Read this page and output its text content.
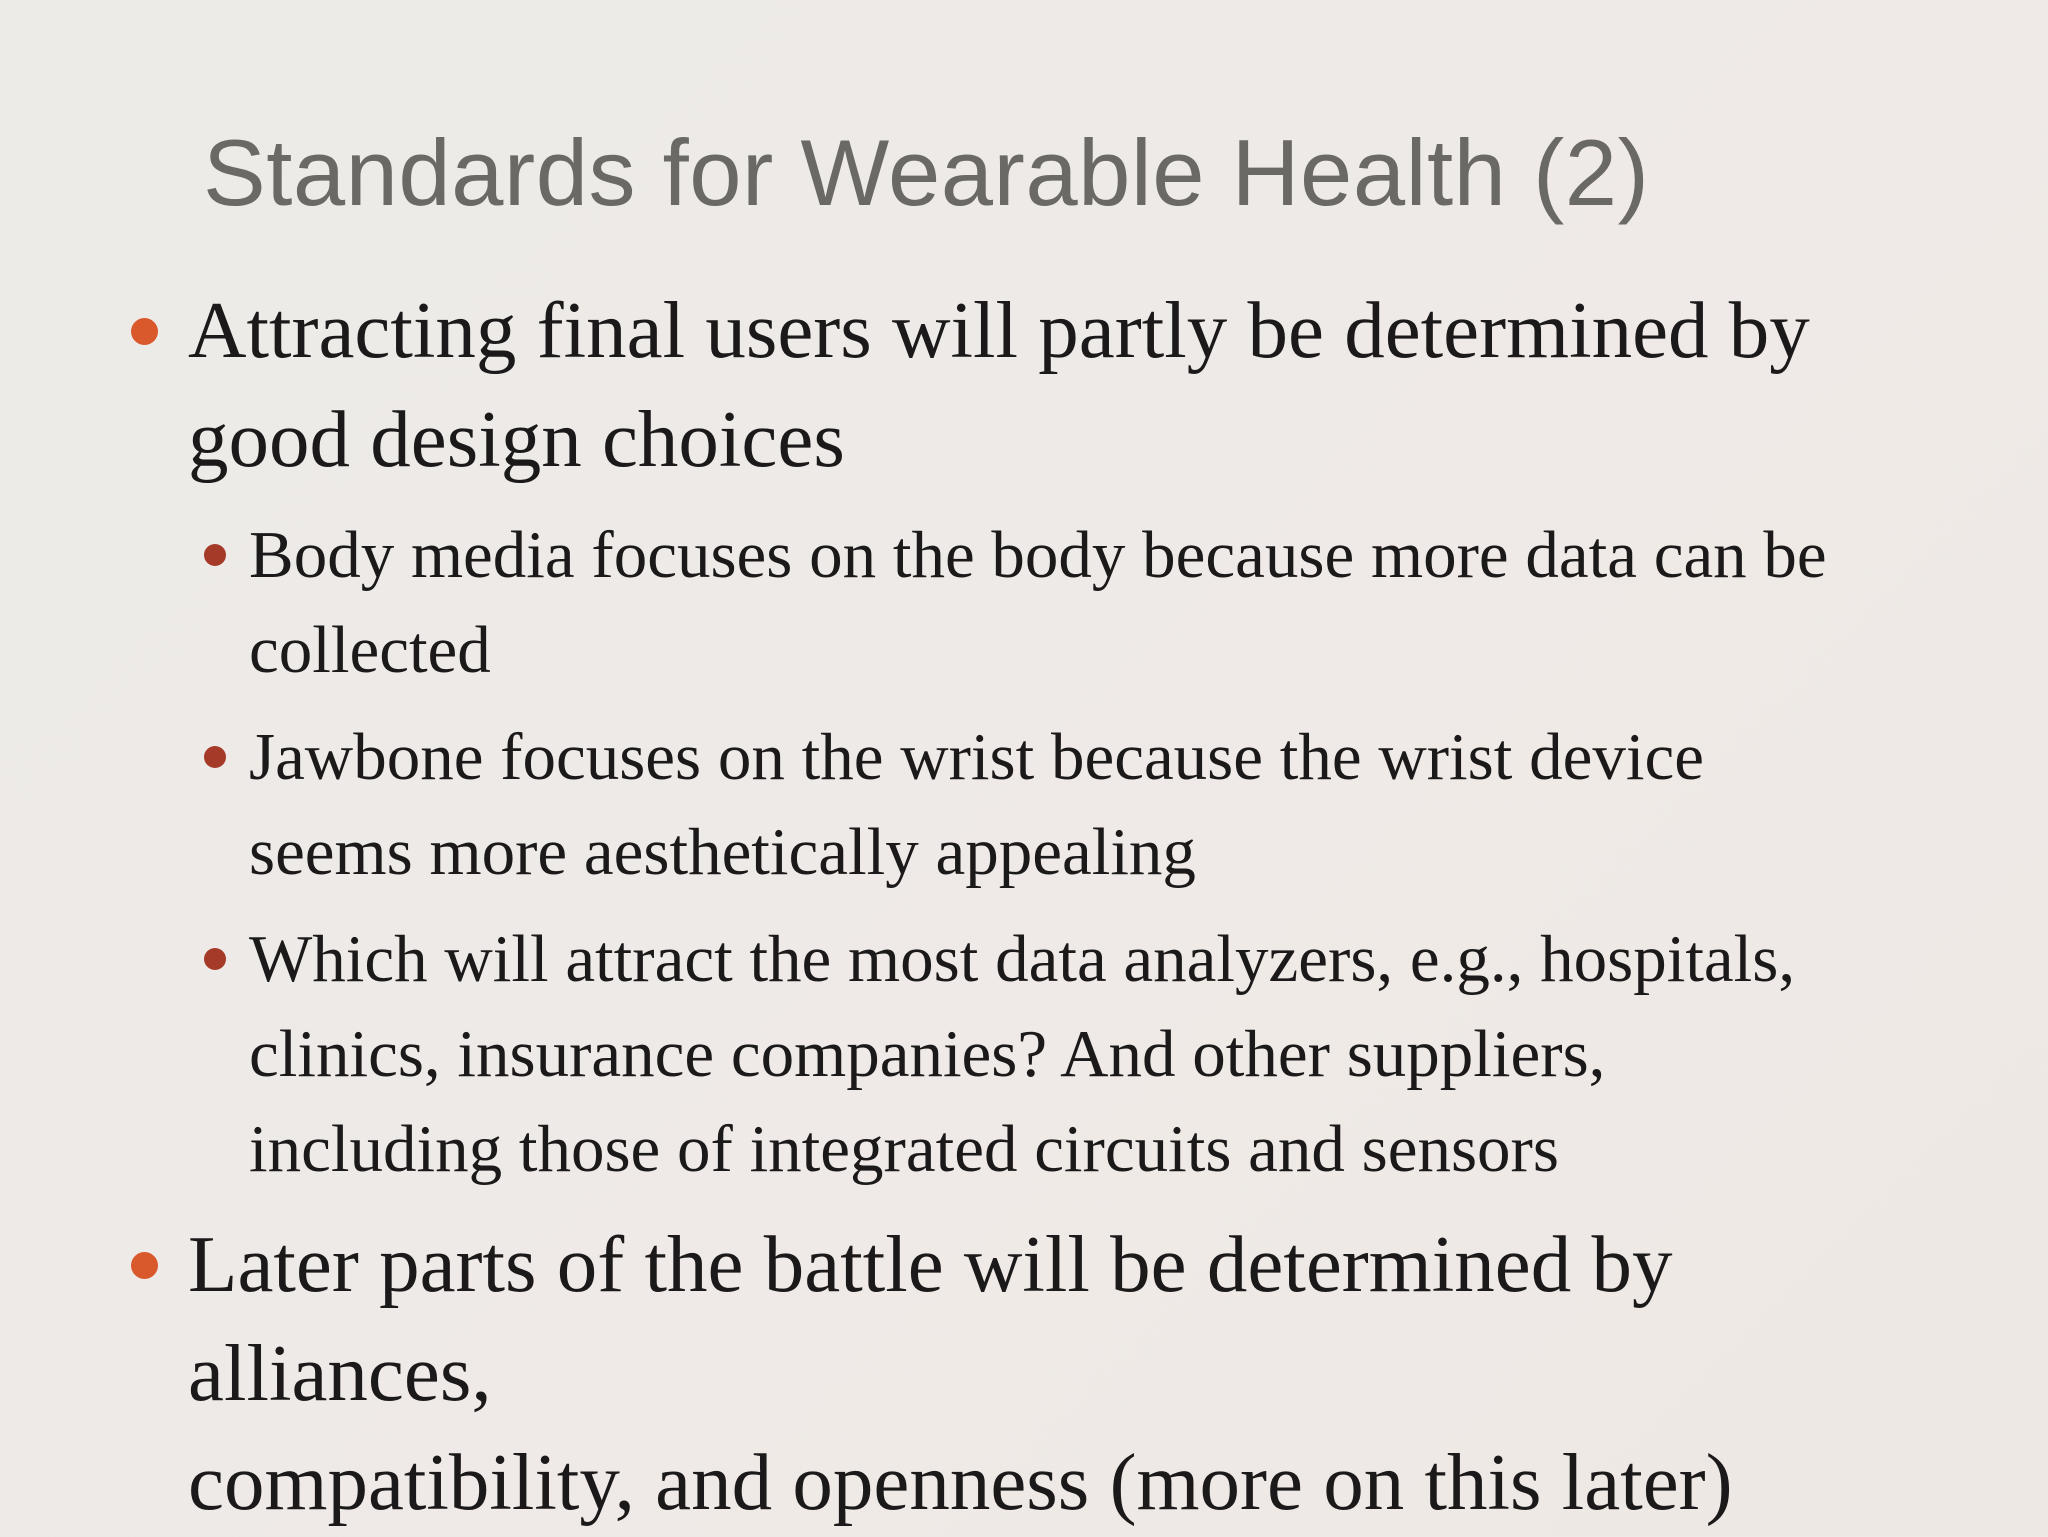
Standards for Wearable Health (2)
Attracting final users will partly be determined by
good design choices
Body media focuses on the body because more data can be
collected
Jawbone focuses on the wrist because the wrist device
seems more aesthetically appealing
Which will attract the most data analyzers, e.g., hospitals,
clinics, insurance companies? And other suppliers,
including those of integrated circuits and sensors
Later parts of the battle will be determined by alliances,
compatibility, and openness (more on this later)
